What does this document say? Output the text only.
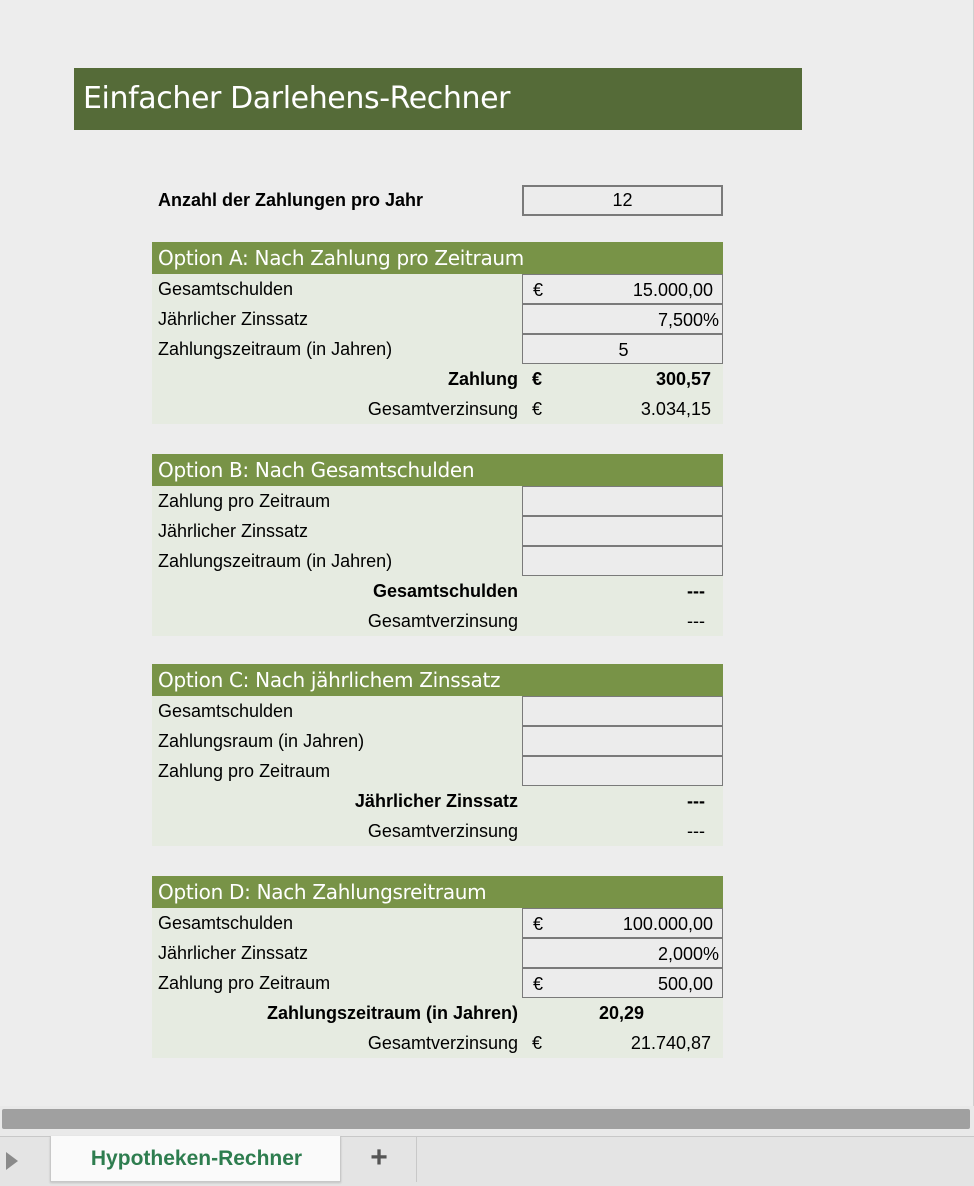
Einfacher Darlehens-Rechner
Anzahl der Zahlungen pro Jahr	12
Option A: Nach Zahlung pro Zeitraum
Gesamtschulden	€	15.000,00
Jährlicher Zinssatz	7,500%
Zahlungszeitraum (in Jahren)	5
Zahlung €	300,57
Gesamtverzinsung €	3.034,15
Option B: Nach Gesamtschulden
Zahlung pro Zeitraum
Jährlicher Zinssatz
Zahlungszeitraum (in Jahren)
Gesamtschulden	---
Gesamtverzinsung	---
Option C: Nach jährlichem Zinssatz
Gesamtschulden
Zahlungsraum (in Jahren)
Zahlung pro Zeitraum
Jährlicher Zinssatz	---
Gesamtverzinsung	---
Option D: Nach Zahlungsreitraum
Gesamtschulden	€	100.000,00
Jährlicher Zinssatz	2,000%
Zahlung pro Zeitraum	€	500,00
Zahlungszeitraum (in Jahren)	20,29
Gesamtverzinsung €	21.740,87
Hypotheken-Rechner	+
